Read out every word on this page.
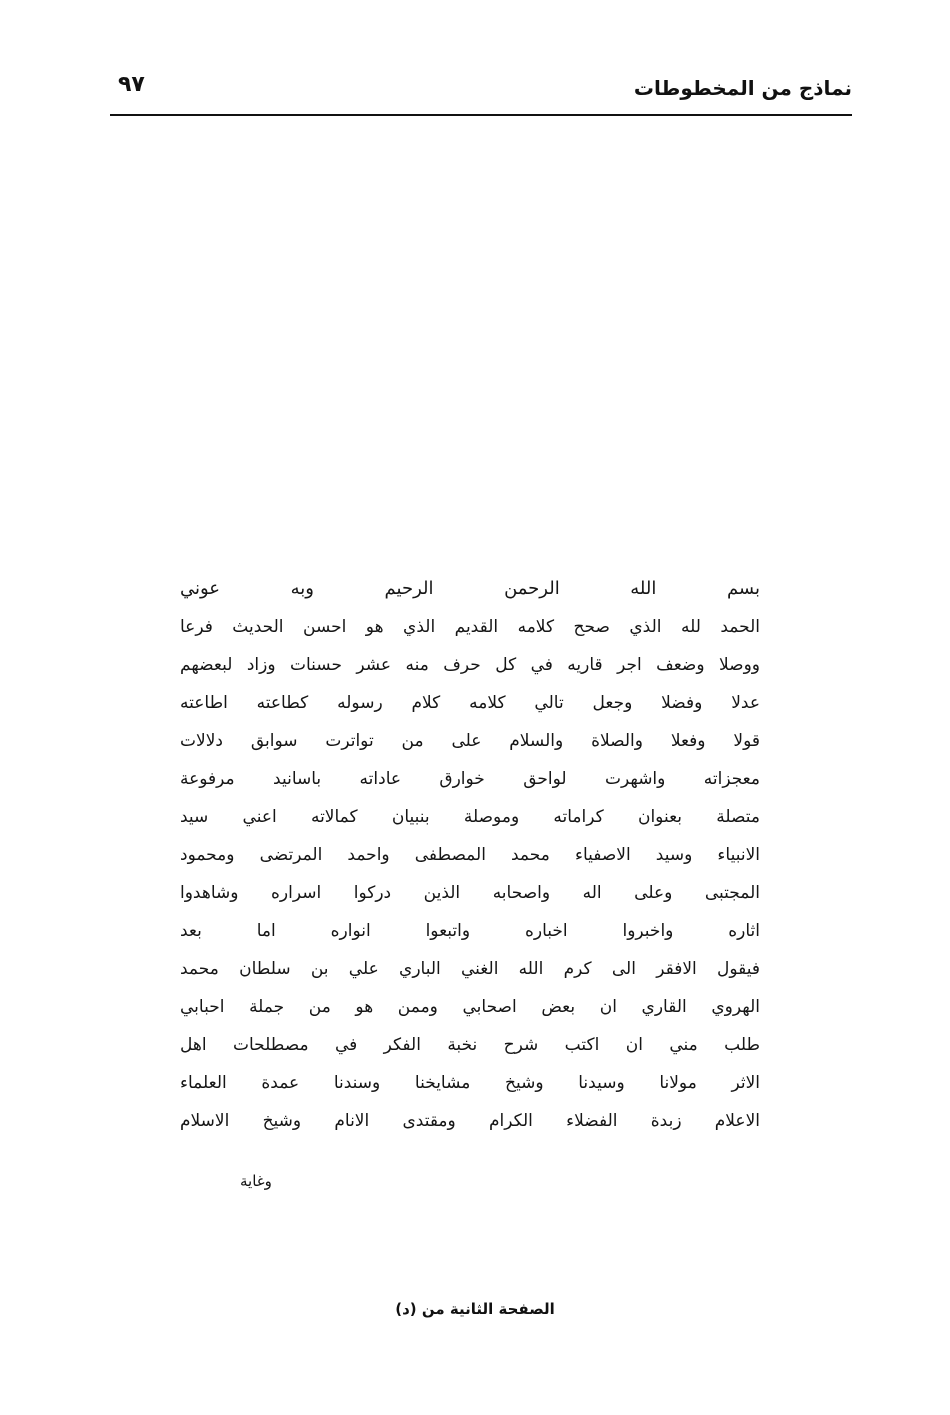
٩٧	نماذج من المخطوطات
بسم الله الرحمن الرحيم وبه عوني
الحمد لله الذي صحح كلامه القديم الذي هو احسن الحديث فرعا
ووصلا وضعف اجر قاريه في كل حرف منه عشر حسنات وزاد لبعضهم
عدلا وفضلا وجعل تالي كلامه كلام رسوله كطاعته اطاعته
قولا وفعلا والصلاة والسلام على من تواترت سوابق دلالات
معجزاته واشهرت لواحق خوارق عاداته باسانيد مرفوعة
متصلة بعنوان كراماته وموصلة بنبيان كمالاته اعني سيد
الانبياء وسيد الاصفياء محمد المصطفى واحمد المرتضى ومحمود
المجتبى وعلى اله واصحابه الذين دركوا اسراره وشاهدوا
اثاره واخبروا اخباره واتبعوا انواره اما بعد
فيقول الافقر الى كرم الله الغني الباري علي بن سلطان محمد
الهروي القاري ان بعض اصحابي وممن هو من جملة احبابي
طلب مني ان اكتب شرح نخبة الفكر في مصطلحات اهل
الاثر مولانا وسيدنا وشيخ مشايخنا وسندنا عمدة العلماء
الاعلام زبدة الفضلاء الكرام ومقتدى الانام وشيخ الاسلام
وغاية
الصفحة الثانية من (د)
